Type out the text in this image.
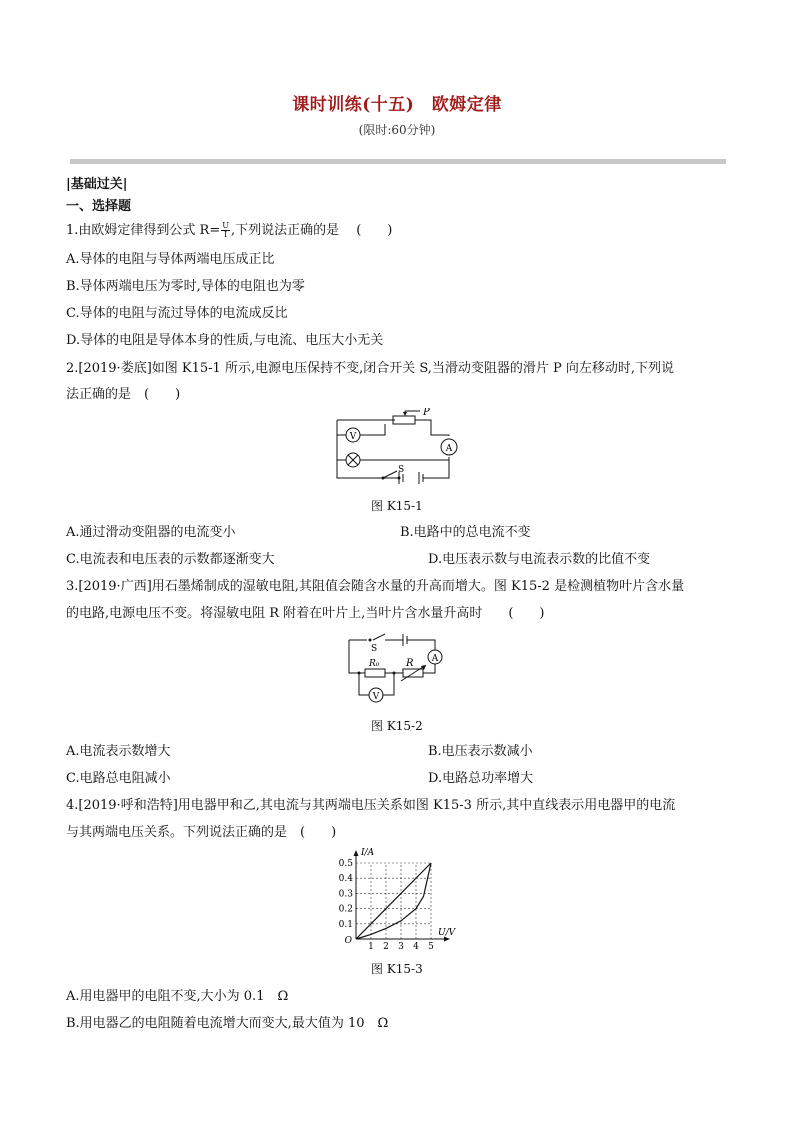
课时训练(十五)　欧姆定律
(限时:60分钟)
|基础过关|
一、选择题
1.由欧姆定律得到公式 $R= \frac{U}{I}$ ,下列说法正确的是　 (　　)
A.导体的电阻与导体两端电压成正比
B.导体两端电压为零时,导体的电阻也为零
C.导体的电阻与流过导体的电流成反比
D.导体的电阻是导体本身的性质,与电流、电压大小无关
2.[2019·娄底]如图 K15-1 所示,电源电压保持不变,闭合开关 S,当滑动变阻器的滑片 P 向左移动时,下列说
法正确的是　(　　)
V
A
P
S
图 K15-1
A.通过滑动变阻器的电流变小	B.电路中的总电流不变
C.电流表和电压表的示数都逐渐变大	D.电压表示数与电流表示数的比值不变
3.[2019·广西]用石墨烯制成的湿敏电阻,其阻值会随含水量的升高而增大。图 K15-2 是检测植物叶片含水量
的电路,电源电压不变。将湿敏电阻 R 附着在叶片上,当叶片含水量升高时　　(　　)
A
V
S
R₀	R
图 K15-2
A.电流表示数增大	B.电压表示数减小
C.电路总电阻减小	D.电路总功率增大
4.[2019·呼和浩特]用电器甲和乙,其电流与其两端电压关系如图 K15-3 所示,其中直线表示用电器甲的电流
与其两端电压关系。下列说法正确的是　(　　)
1 2 3 4 5
0.1
0.2
0.3
0.4
0.5
O
I/A
U/V
图 K15-3
A.用电器甲的电阻不变,大小为 0.1　Ω
B.用电器乙的电阻随着电流增大而变大,最大值为 10　Ω
